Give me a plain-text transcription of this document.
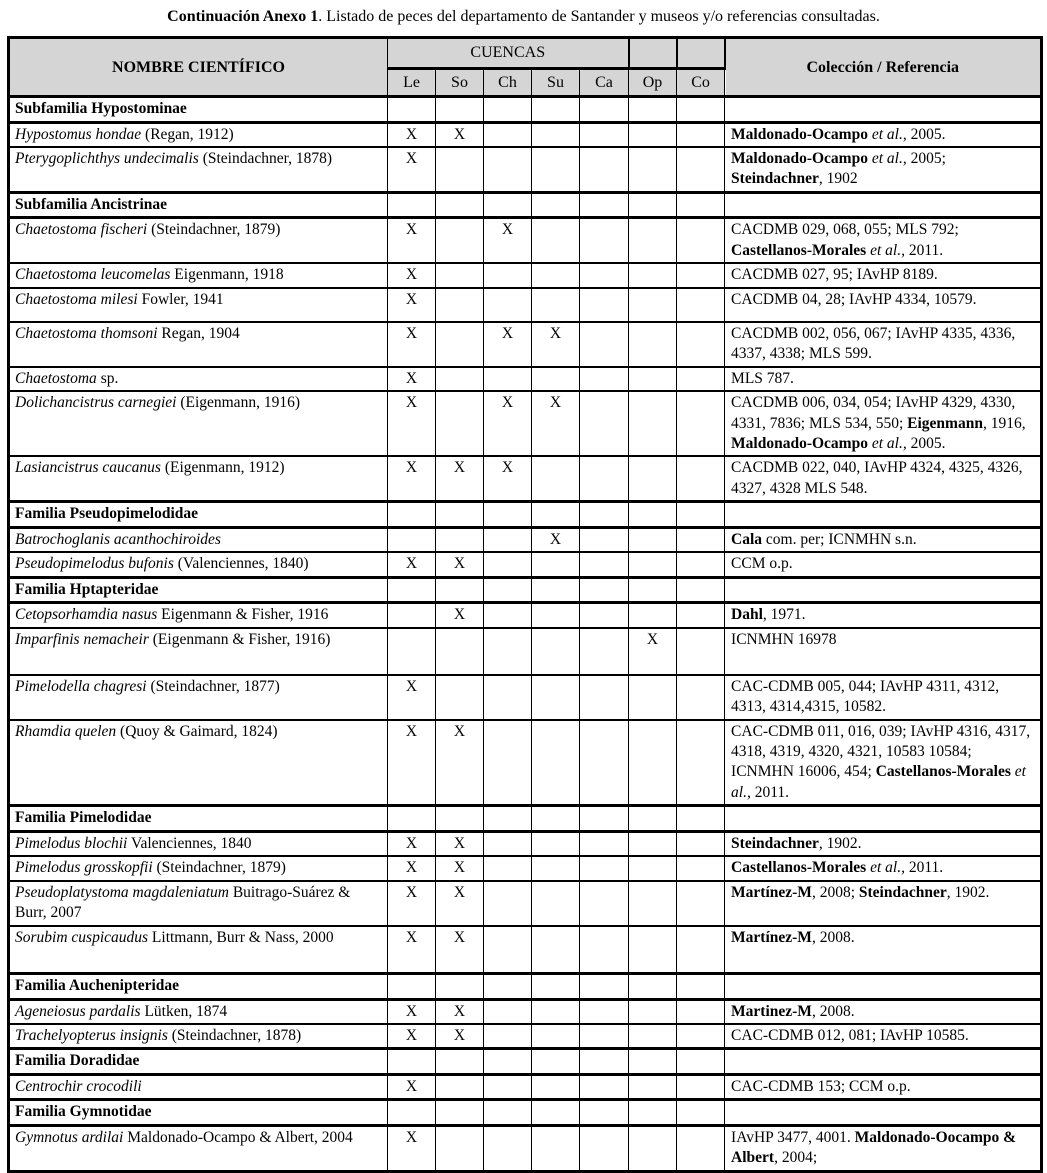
Continuación Anexo 1. Listado de peces del departamento de Santander y museos y/o referencias consultadas.
NOMBRE CIENTÍFICO	CUENCAS							Colección / Referencia
	Le	So	Ch	Su	Ca	Op	Co	
Subfamilia Hypostominae								
Hypostomus hondae (Regan, 1912)	X	X						Maldonado-Ocampo et al., 2005.
Pterygoplichthys undecimalis (Steindachner, 1878)	X							Maldonado-Ocampo et al., 2005; Steindachner, 1902
Subfamilia Ancistrinae								
Chaetostoma fischeri (Steindachner, 1879)	X		X					CACDMB 029, 068, 055; MLS 792; Castellanos-Morales et al., 2011.
Chaetostoma leucomelas Eigenmann, 1918	X							CACDMB 027, 95; IAvHP 8189.
Chaetostoma milesi Fowler, 1941	X							CACDMB 04, 28; IAvHP 4334, 10579.
Chaetostoma thomsoni Regan, 1904	X		X	X				CACDMB 002, 056, 067; IAvHP 4335, 4336, 4337, 4338; MLS 599.
Chaetostoma sp.	X							MLS 787.
Dolichancistrus carnegiei (Eigenmann, 1916)	X		X	X				CACDMB 006, 034, 054; IAvHP 4329, 4330, 4331, 7836; MLS 534, 550; Eigenmann, 1916, Maldonado-Ocampo et al., 2005.
Lasiancistrus caucanus (Eigenmann, 1912)	X	X	X					CACDMB 022, 040, IAvHP 4324, 4325, 4326, 4327, 4328 MLS 548.
Familia Pseudopimelodidae								
Batrochoglanis acanthochiroides				X				Cala com. per; ICNMHN s.n.
Pseudopimelodus bufonis (Valenciennes, 1840)	X	X						CCM o.p.
Familia Hptapteridae								
Cetopsorhamdia nasus Eigenmann & Fisher, 1916		X						Dahl, 1971.
Imparfinis nemacheir (Eigenmann & Fisher, 1916)						X		ICNMHN 16978
Pimelodella chagresi (Steindachner, 1877)	X							CAC-CDMB 005, 044; IAvHP 4311, 4312, 4313, 4314,4315, 10582.
Rhamdia quelen (Quoy & Gaimard, 1824)	X	X						CAC-CDMB 011, 016, 039; IAvHP 4316, 4317, 4318, 4319, 4320, 4321, 10583 10584; ICNMHN 16006, 454; Castellanos-Morales et al., 2011.
Familia Pimelodidae								
Pimelodus blochii Valenciennes, 1840	X	X						Steindachner, 1902.
Pimelodus grosskopfii (Steindachner, 1879)	X	X						Castellanos-Morales et al., 2011.
Pseudoplatystoma magdaleniatum Buitrago-Suárez & Burr, 2007	X	X						Martínez-M, 2008; Steindachner, 1902.
Sorubim cuspicaudus Littmann, Burr & Nass, 2000	X	X						Martínez-M, 2008.
Familia Auchenipteridae								
Ageneiosus pardalis Lütken, 1874	X	X						Martinez-M, 2008.
Trachelyopterus insignis (Steindachner, 1878)	X	X						CAC-CDMB 012, 081; IAvHP 10585.
Familia Doradidae								
Centrochir crocodili	X							CAC-CDMB 153; CCM o.p.
Familia Gymnotidae								
Gymnotus ardilai Maldonado-Ocampo & Albert, 2004	X							IAvHP 3477, 4001. Maldonado-Oocampo & Albert, 2004;
